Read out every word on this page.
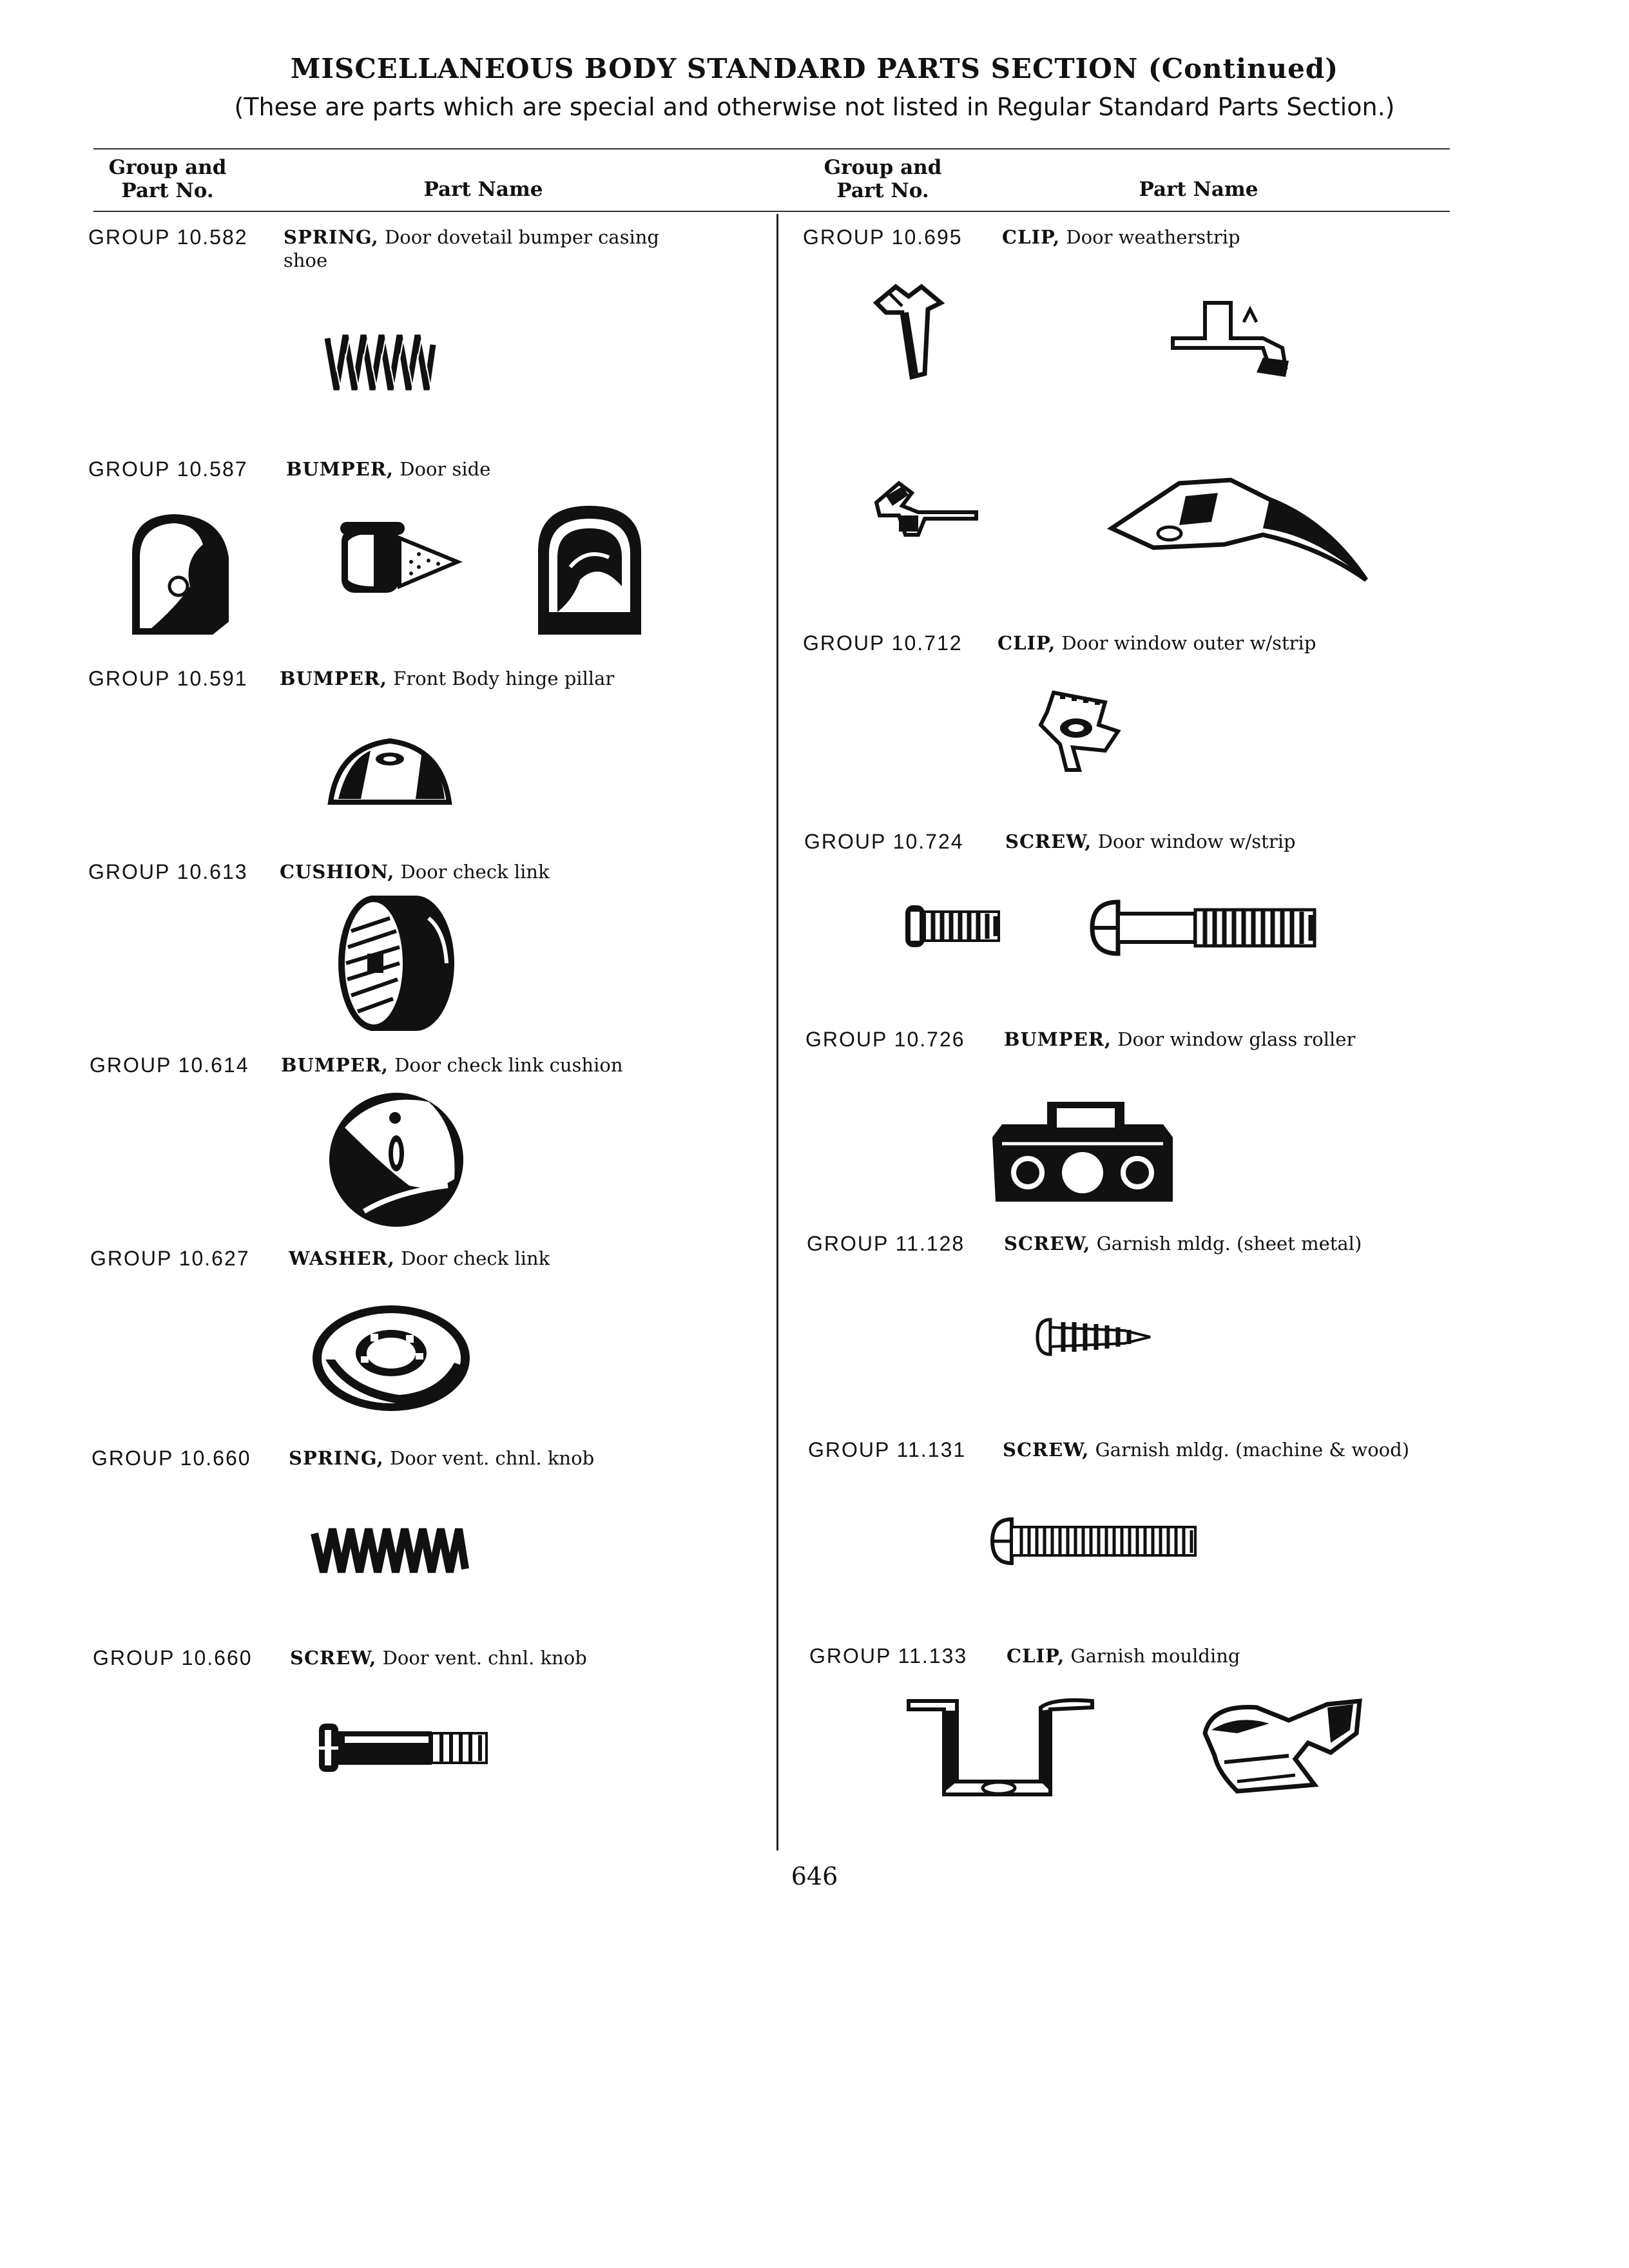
MISCELLANEOUS BODY STANDARD PARTS SECTION (Continued)
(These are parts which are special and otherwise not listed in Regular Standard Parts Section.)
Group and
Part No.	Part Name
Group and
Part No.	Part Name
GROUP 10.582 SPRING, Door dovetail bumper casing
shoe
GROUP 10.587 BUMPER, Door side
GROUP 10.591 BUMPER, Front Body hinge pillar
GROUP 10.613 CUSHION, Door check link
GROUP 10.614 BUMPER, Door check link cushion
GROUP 10.627 WASHER, Door check link
GROUP 10.660 SPRING, Door vent. chnl. knob
GROUP 10.660 SCREW, Door vent. chnl. knob
GROUP 10.695 CLIP, Door weatherstrip
GROUP 10.712 CLIP, Door window outer w/strip
GROUP 10.724 SCREW, Door window w/strip
GROUP 10.726 BUMPER, Door window glass roller
GROUP 11.128 SCREW, Garnish mldg. (sheet metal)
GROUP 11.131 SCREW, Garnish mldg. (machine & wood)
GROUP 11.133 CLIP, Garnish moulding
646
